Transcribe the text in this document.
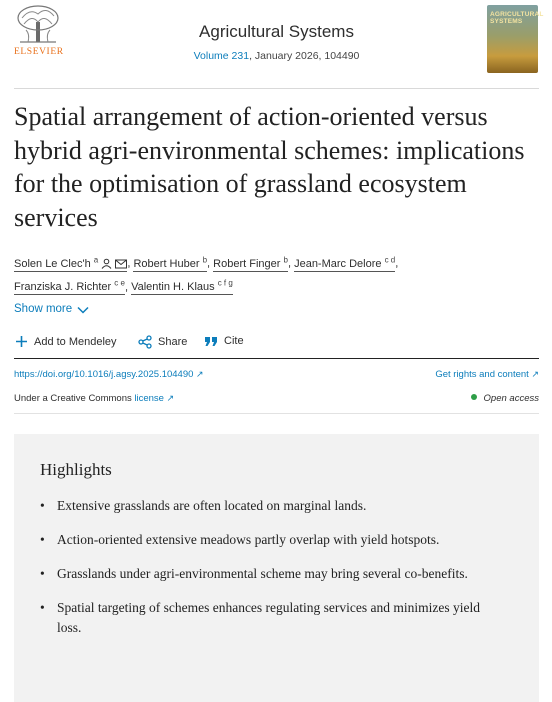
ELSEVIER
Agricultural Systems
Volume 231, January 2026, 104490
AGRICULTURAL SYSTEMS
Spatial arrangement of action-oriented versus hybrid agri-environmental schemes: implications for the optimisation of grassland ecosystem services
Solen Le Clec'h $^a$	, Robert Huber $^b$, Robert Finger $^b$, Jean-Marc Delore $^{c d}$,
Franziska J. Richter $^{c e}$, Valentin H. Klaus $^{c f g}$
Show more
Add to Mendeley	Share	Cite
https://doi.org/10.1016/j.agsy.2025.104490 ↗	Get rights and content ↗
Under a Creative Commons license ↗	Open access
Highlights
• Extensive grasslands are often located on marginal lands.
• Action-oriented extensive meadows partly overlap with yield hotspots.
• Grasslands under agri-environmental scheme may bring several co-benefits.
• Spatial targeting of schemes enhances regulating services and minimizes yield loss.
